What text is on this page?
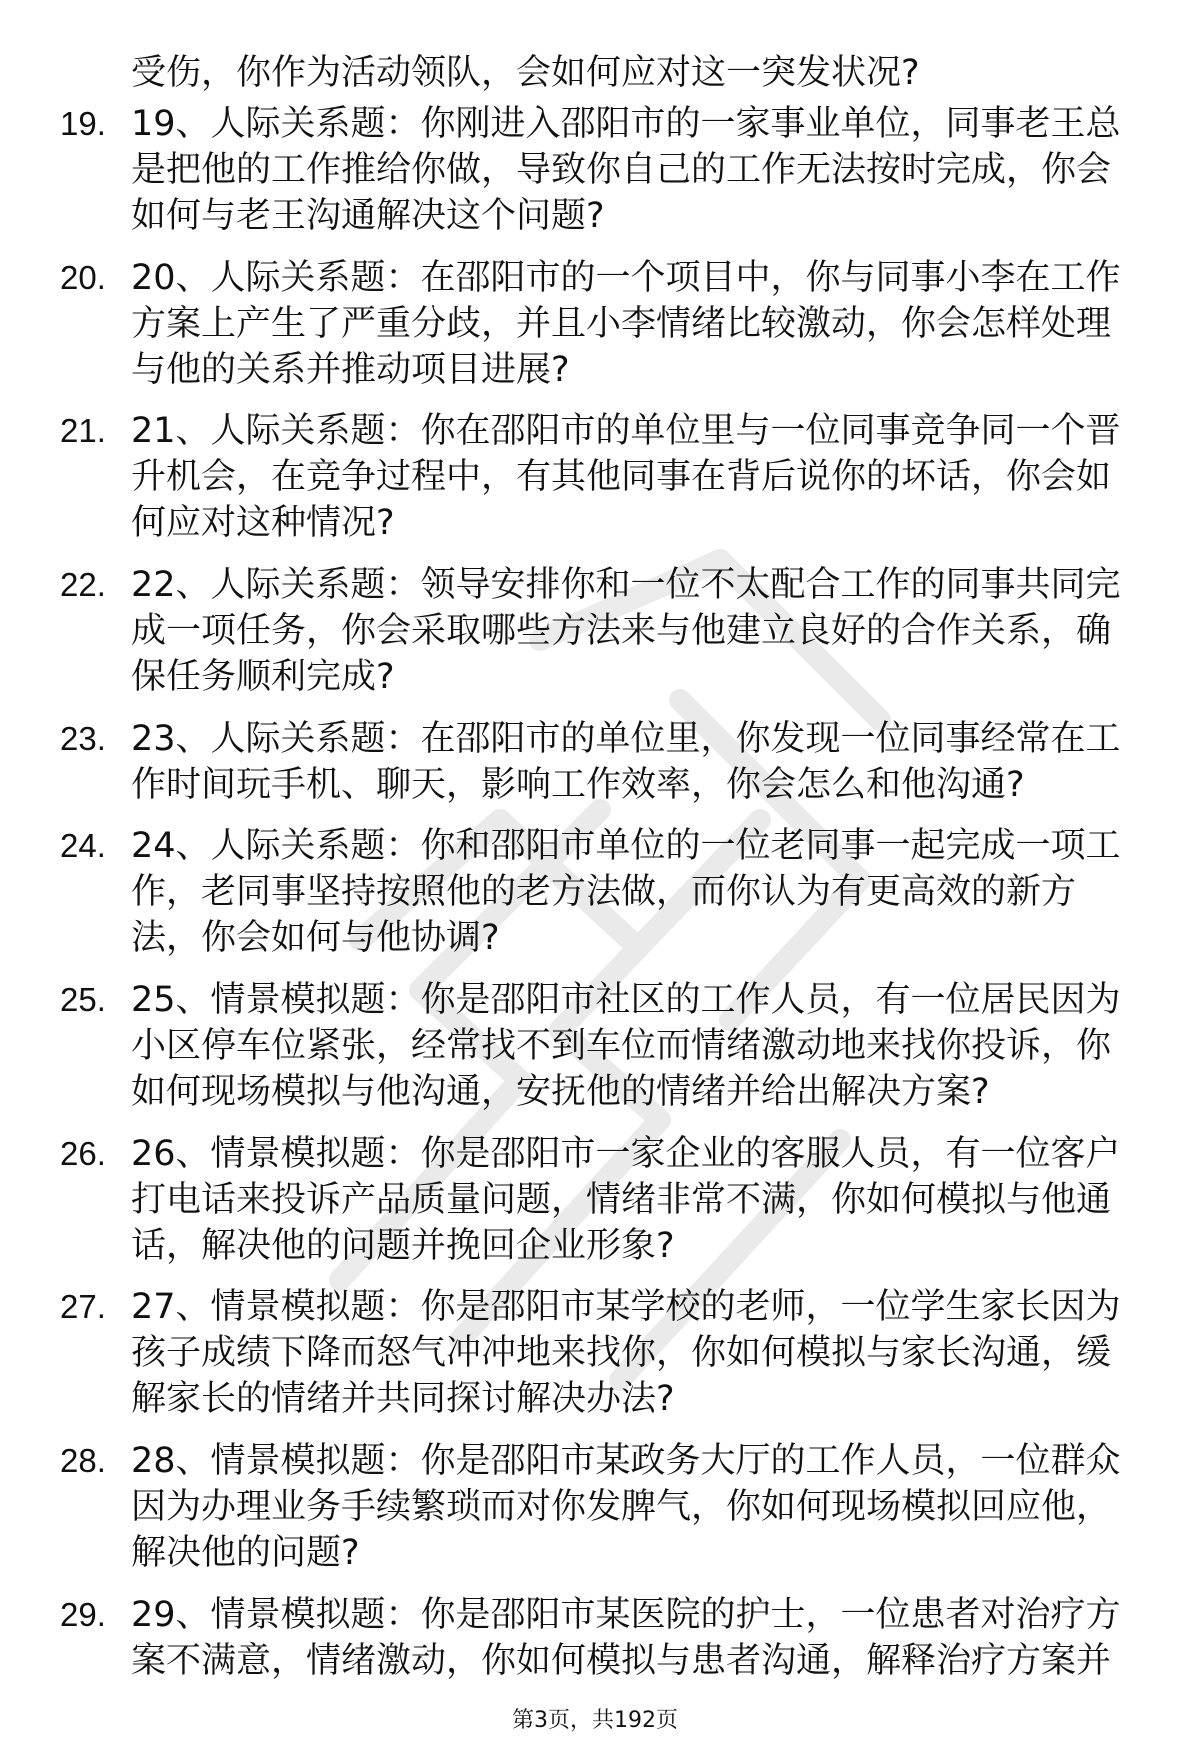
受伤，你作为活动领队，会如何应对这一突发状况?
19. 19、人际关系题：你刚进入邵阳市的一家事业单位，同事老王总
是把他的工作推给你做，导致你自己的工作无法按时完成，你会
如何与老王沟通解决这个问题?
20. 20、人际关系题：在邵阳市的一个项目中，你与同事小李在工作
方案上产生了严重分歧，并且小李情绪比较激动，你会怎样处理
与他的关系并推动项目进展?
21. 21、人际关系题：你在邵阳市的单位里与一位同事竞争同一个晋
升机会，在竞争过程中，有其他同事在背后说你的坏话，你会如
何应对这种情况?
22. 22、人际关系题：领导安排你和一位不太配合工作的同事共同完
成一项任务，你会采取哪些方法来与他建立良好的合作关系，确
保任务顺利完成?
23. 23、人际关系题：在邵阳市的单位里，你发现一位同事经常在工
作时间玩手机、聊天，影响工作效率，你会怎么和他沟通?
24. 24、人际关系题：你和邵阳市单位的一位老同事一起完成一项工
作，老同事坚持按照他的老方法做，而你认为有更高效的新方
法，你会如何与他协调?
25. 25、情景模拟题：你是邵阳市社区的工作人员，有一位居民因为
小区停车位紧张，经常找不到车位而情绪激动地来找你投诉，你
如何现场模拟与他沟通，安抚他的情绪并给出解决方案?
26. 26、情景模拟题：你是邵阳市一家企业的客服人员，有一位客户
打电话来投诉产品质量问题，情绪非常不满，你如何模拟与他通
话，解决他的问题并挽回企业形象?
27. 27、情景模拟题：你是邵阳市某学校的老师，一位学生家长因为
孩子成绩下降而怒气冲冲地来找你，你如何模拟与家长沟通，缓
解家长的情绪并共同探讨解决办法?
28. 28、情景模拟题：你是邵阳市某政务大厅的工作人员，一位群众
因为办理业务手续繁琐而对你发脾气，你如何现场模拟回应他，
解决他的问题?
29. 29、情景模拟题：你是邵阳市某医院的护士，一位患者对治疗方
案不满意，情绪激动，你如何模拟与患者沟通，解释治疗方案并
第3页，共192页
